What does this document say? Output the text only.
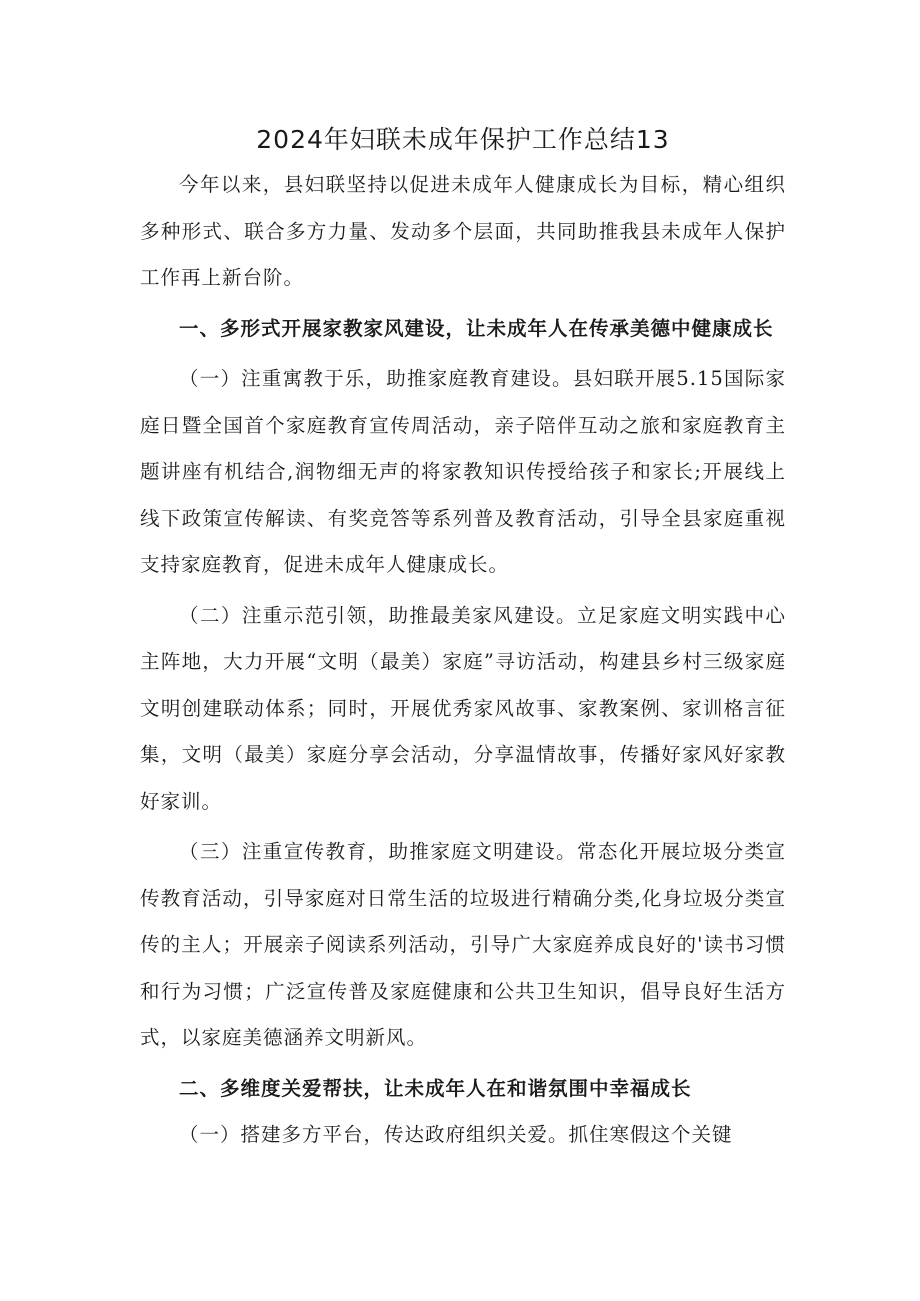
2024年妇联未成年保护工作总结13

今年以来，县妇联坚持以促进未成年人健康成长为目标，精心组织多种形式、联合多方力量、发动多个层面，共同助推我县未成年人保护工作再上新台阶。

一、多形式开展家教家风建设，让未成年人在传承美德中健康成长

（一）注重寓教于乐，助推家庭教育建设。县妇联开展5.15国际家庭日暨全国首个家庭教育宣传周活动，亲子陪伴互动之旅和家庭教育主题讲座有机结合,润物细无声的将家教知识传授给孩子和家长;开展线上线下政策宣传解读、有奖竞答等系列普及教育活动，引导全县家庭重视支持家庭教育，促进未成年人健康成长。

（二）注重示范引领，助推最美家风建设。立足家庭文明实践中心主阵地，大力开展“文明（最美）家庭”寻访活动，构建县乡村三级家庭文明创建联动体系；同时，开展优秀家风故事、家教案例、家训格言征集，文明（最美）家庭分享会活动，分享温情故事，传播好家风好家教好家训。

（三）注重宣传教育，助推家庭文明建设。常态化开展垃圾分类宣传教育活动，引导家庭对日常生活的垃圾进行精确分类,化身垃圾分类宣传的主人；开展亲子阅读系列活动，引导广大家庭养成良好的'读书习惯和行为习惯；广泛宣传普及家庭健康和公共卫生知识，倡导良好生活方式，以家庭美德涵养文明新风。

二、多维度关爱帮扶，让未成年人在和谐氛围中幸福成长

（一）搭建多方平台，传达政府组织关爱。抓住寒假这个关键
